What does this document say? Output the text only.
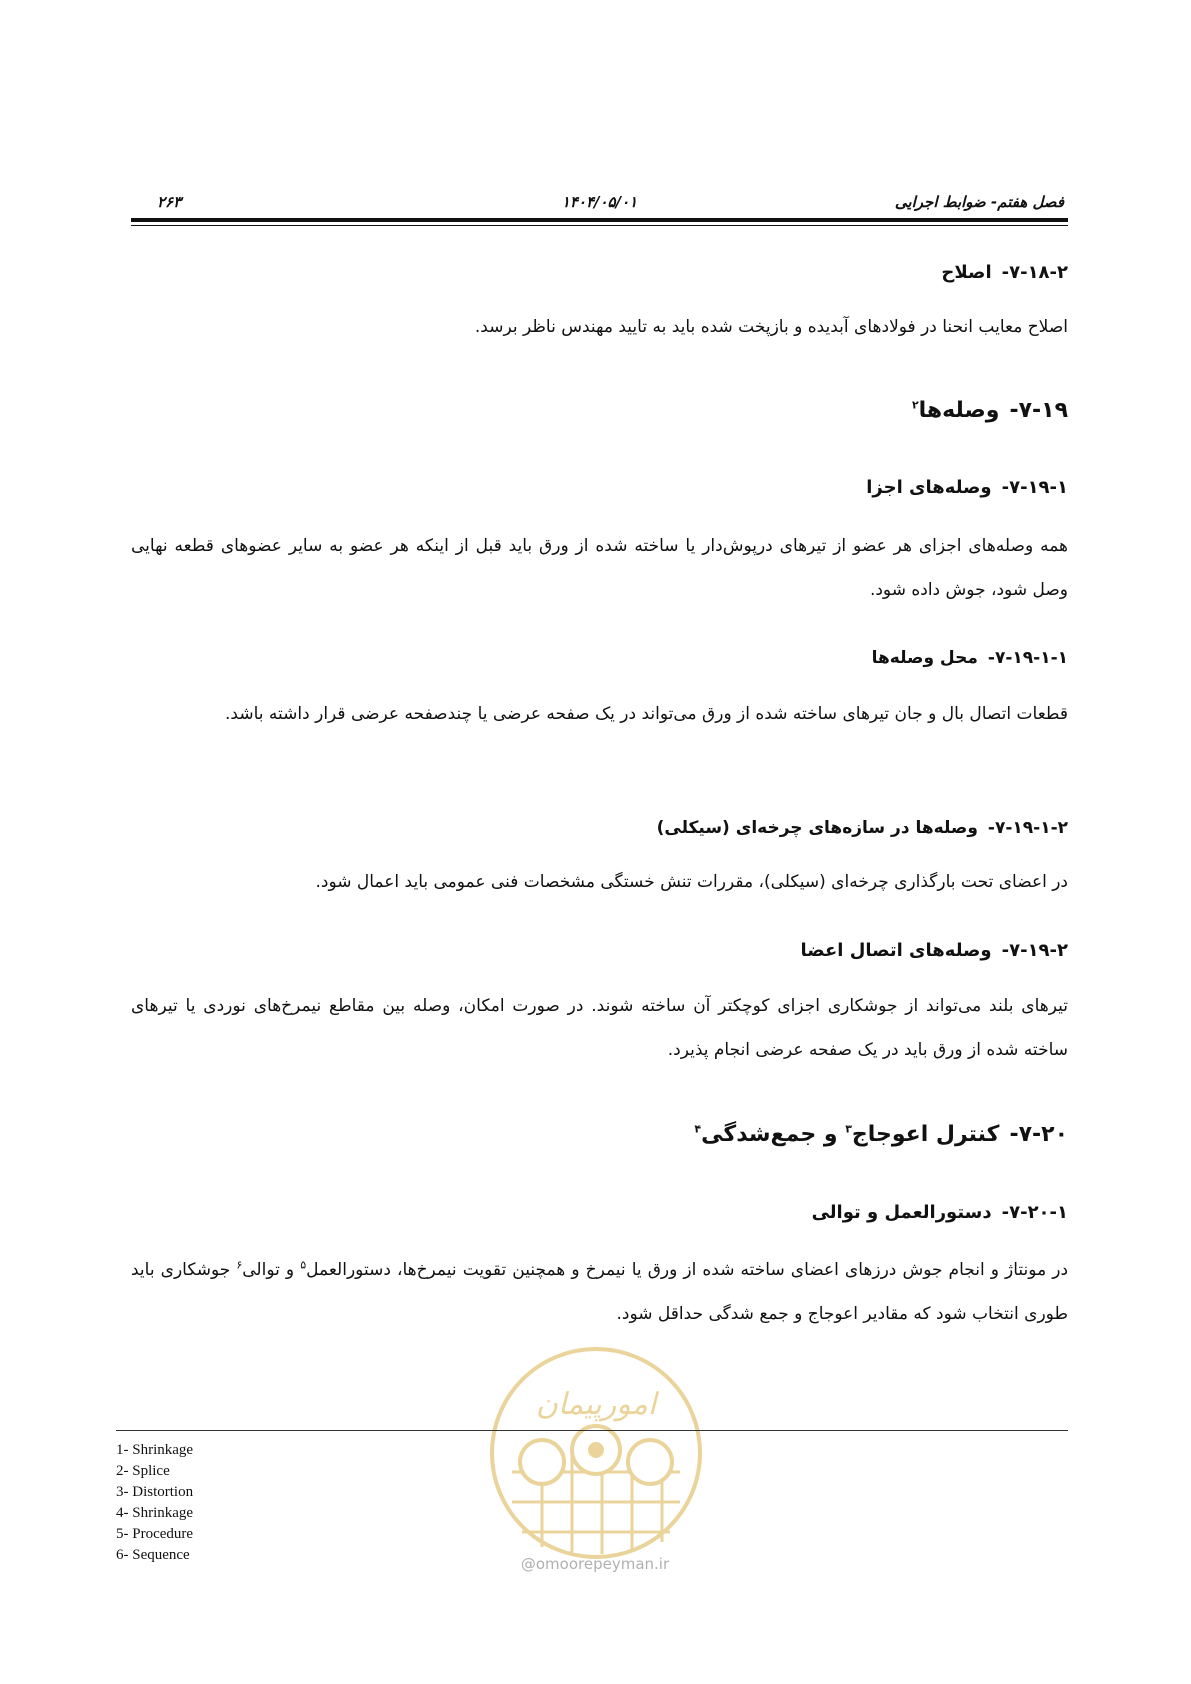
فصل هفتم- ضوابط اجرایی
۱۴۰۴/۰۵/۰۱
۲۶۳
۷-۱۸-۲-اصلاح
اصلاح معایب انحنا در فولادهای آبدیده و بازپخت شده باید به تایید مهندس ناظر برسد.
۷-۱۹-وصله‌ها$^۲$
۷-۱۹-۱-وصله‌های اجزا
همه وصله‌های اجزای هر عضو از تیرهای درپوش‌دار یا ساخته شده از ورق باید قبل از اینکه هر عضو به سایر عضوهای قطعه نهایی وصل شود، جوش داده شود.
۷-۱۹-۱-۱-محل وصله‌ها
قطعات اتصال بال و جان تیرهای ساخته شده از ورق می‌تواند در یک صفحه عرضی یا چندصفحه عرضی قرار داشته باشد.
۷-۱۹-۱-۲-وصله‌ها در سازه‌های چرخه‌ای (سیکلی)
در اعضای تحت بارگذاری چرخه‌ای (سیکلی)، مقررات تنش خستگی مشخصات فنی عمومی باید اعمال شود.
۷-۱۹-۲-وصله‌های اتصال اعضا
تیرهای بلند می‌تواند از جوشکاری اجزای کوچکتر آن ساخته شوند. در صورت امکان، وصله بین مقاطع نیمرخ‌های نوردی یا تیرهای ساخته شده از ورق باید در یک صفحه عرضی انجام پذیرد.
۷-۲۰-کنترل اعوجاج$^۳$ و جمع‌شدگی$^۴$
۷-۲۰-۱-دستورالعمل و توالی
در مونتاژ و انجام جوش درزهای اعضای ساخته شده از ورق یا نیمرخ و همچنین تقویت نیمرخ‌ها، دستورالعمل$^۵$ و توالی$^۶$ جوشکاری باید طوری انتخاب شود که مقادیر اعوجاج و جمع شدگی حداقل شود.
امورپیمان
@omoorepeyman.ir
1- Shrinkage
2- Splice
3- Distortion
4- Shrinkage
5- Procedure
6- Sequence
